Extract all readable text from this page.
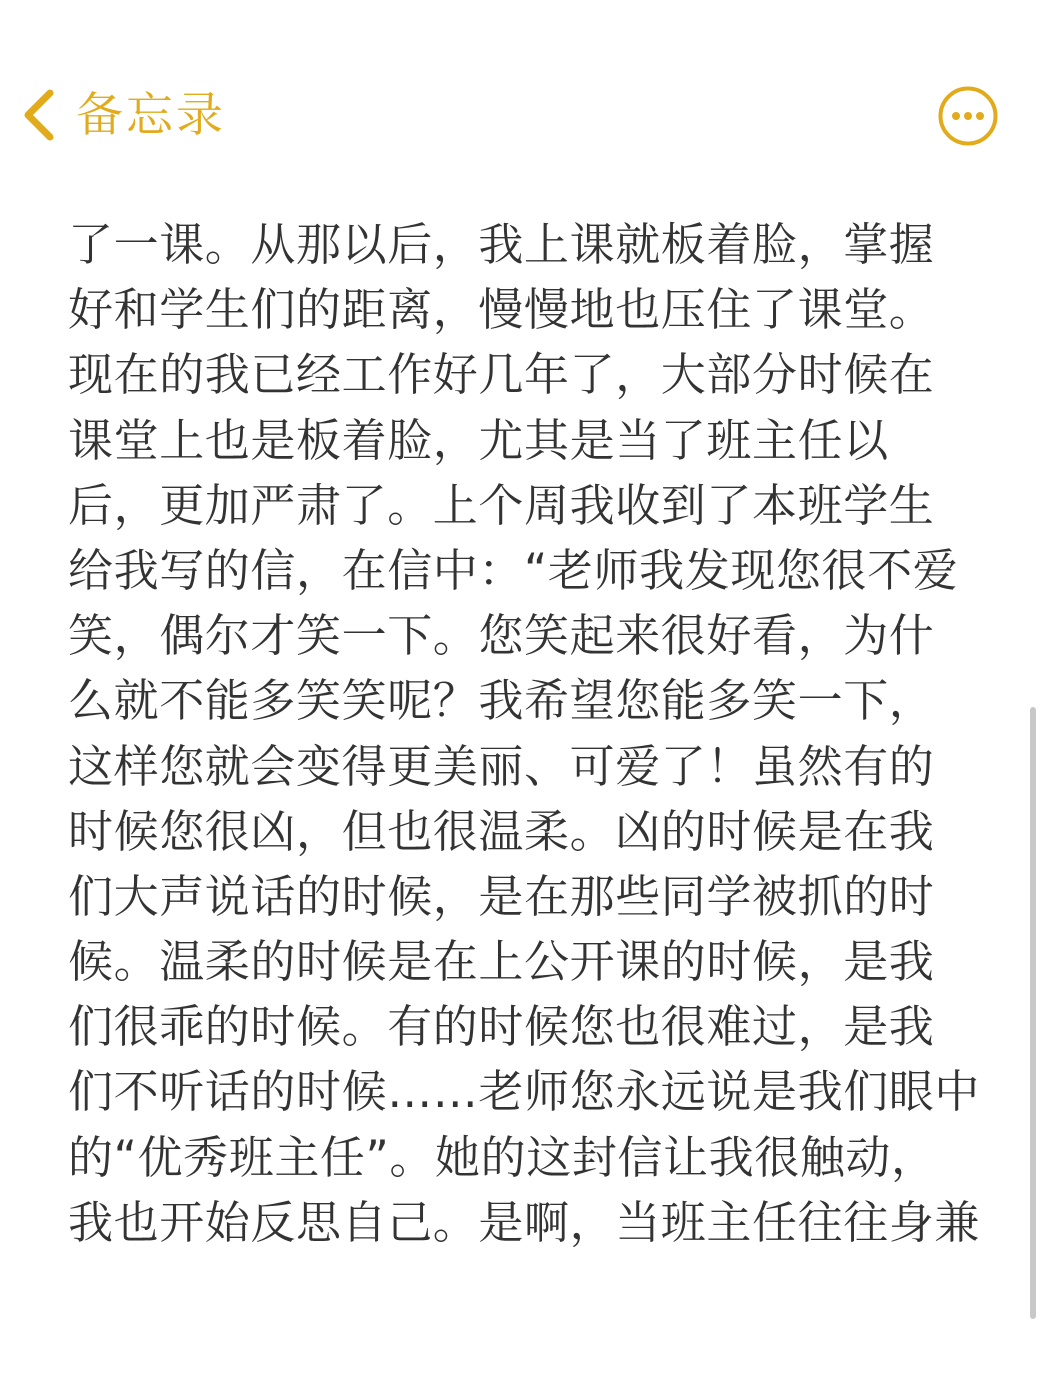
备忘录
了一课。从那以后，我上课就板着脸，掌握
好和学生们的距离，慢慢地也压住了课堂。
现在的我已经工作好几年了，大部分时候在
课堂上也是板着脸，尤其是当了班主任以
后，更加严肃了。上个周我收到了本班学生
给我写的信，在信中：“老师我发现您很不爱
笑，偶尔才笑一下。您笑起来很好看，为什
么就不能多笑笑呢？我希望您能多笑一下，
这样您就会变得更美丽、可爱了！虽然有的
时候您很凶，但也很温柔。凶的时候是在我
们大声说话的时候，是在那些同学被抓的时
候。温柔的时候是在上公开课的时候，是我
们很乖的时候。有的时候您也很难过，是我
们不听话的时候……老师您永远说是我们眼中
的“优秀班主任”。她的这封信让我很触动，
我也开始反思自己。是啊，当班主任往往身兼
